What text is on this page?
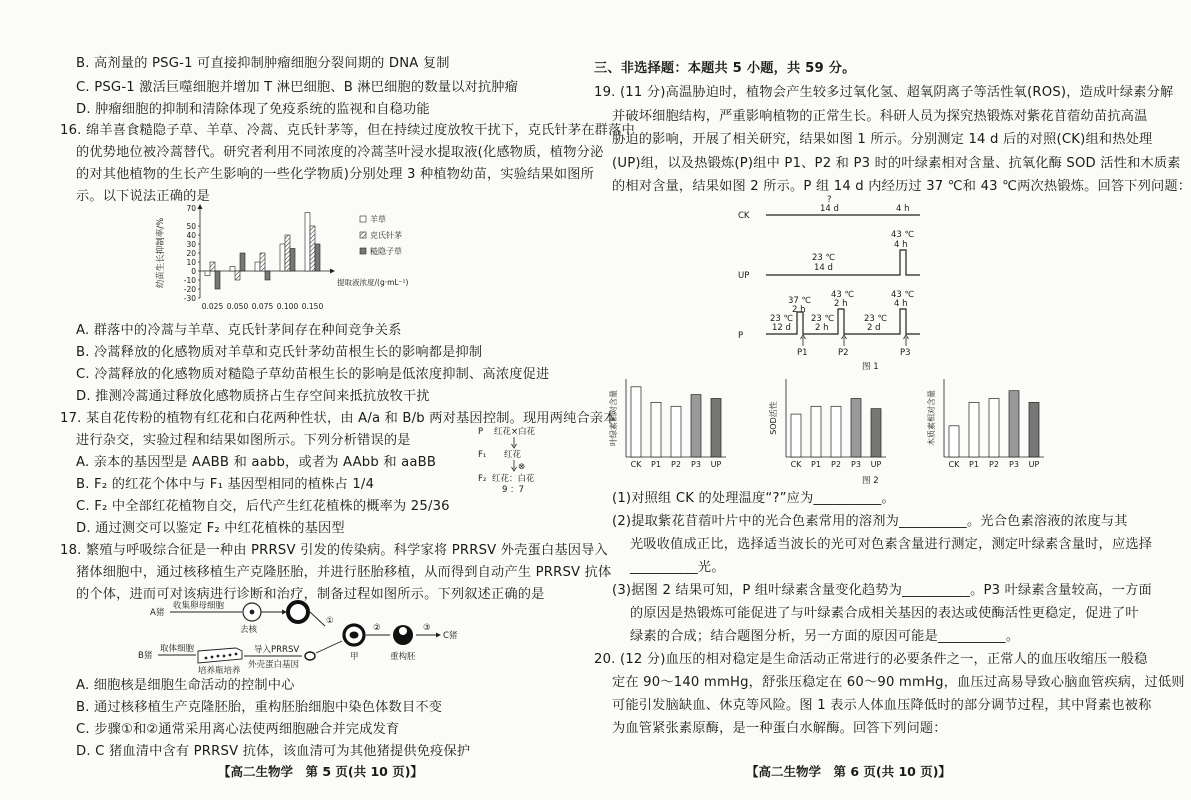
B. 高剂量的 PSG-1 可直接抑制肿瘤细胞分裂间期的 DNA 复制
C. PSG-1 激活巨噬细胞并增加 T 淋巴细胞、B 淋巴细胞的数量以对抗肿瘤
D. 肿瘤细胞的抑制和清除体现了免疫系统的监视和自稳功能
16. 绵羊喜食糙隐子草、羊草、冷蒿、克氏针茅等，但在持续过度放牧干扰下，克氏针茅在群落中
的优势地位被冷蒿替代。研究者利用不同浓度的冷蒿茎叶浸水提取液(化感物质，植物分泌
的对其他植物的生长产生影响的一些化学物质)分别处理 3 种植物幼苗，实验结果如图所
示。以下说法正确的是
幼苗生长抑制率/%
70
50
40
30
20
10
0
-10
-20
-30
0.025 0.050 0.075 0.100 0.150
提取液浓度/(g·mL⁻¹)
羊草
克氏针茅
糙隐子草
A. 群落中的冷蒿与羊草、克氏针茅间存在种间竞争关系
B. 冷蒿释放的化感物质对羊草和克氏针茅幼苗根生长的影响都是抑制
C. 冷蒿释放的化感物质对糙隐子草幼苗根生长的影响是低浓度抑制、高浓度促进
D. 推测冷蒿通过释放化感物质挤占生存空间来抵抗放牧干扰
17. 某自花传粉的植物有红花和白花两种性状，由 A/a 和 B/b 两对基因控制。现用两纯合亲本
进行杂交，实验过程和结果如图所示。下列分析错误的是
A. 亲本的基因型是 AABB 和 aabb，或者为 AAbb 和 aaBB
B. F₂ 的红花个体中与 F₁ 基因型相同的植株占 1/4
C. F₂ 中全部红花植物自交，后代产生红花植株的概率为 25/36
D. 通过测交可以鉴定 F₂ 中红花植株的基因型
P 红花×白花
F₁ 红花
⊗
F₂ 红花：白花
9 ：7
18. 繁殖与呼吸综合征是一种由 PRRSV 引发的传染病。科学家将 PRRSV 外壳蛋白基因导入
猪体细胞中，通过核移植生产克隆胚胎，并进行胚胎移植，从而得到自动产生 PRRSV 抗体
的个体，进而可对该病进行诊断和治疗，制备过程如图所示。下列叙述正确的是
A猪
收集卵母细胞
去核
①
甲
②
重构胚
③
C猪
B猪
取体细胞
培养瓶培养
导入PRRSV
外壳蛋白基因
A. 细胞核是细胞生命活动的控制中心
B. 通过核移植生产克隆胚胎，重构胚胎细胞中染色体数目不变
C. 步骤①和②通常采用离心法使两细胞融合并完成发育
D. C 猪血清中含有 PRRSV 抗体，该血清可为其他猪提供免疫保护
【高二生物学　第 5 页(共 10 页)】
三、非选择题：本题共 5 小题，共 59 分。
19. (11 分)高温胁迫时，植物会产生较多过氧化氢、超氧阴离子等活性氧(ROS)，造成叶绿素分解
并破坏细胞结构，严重影响植物的正常生长。科研人员为探究热锻炼对紫花苜蓿幼苗抗高温
胁迫的影响，开展了相关研究，结果如图 1 所示。分别测定 14 d 后的对照(CK)组和热处理
(UP)组，以及热锻炼(P)组中 P1、P2 和 P3 时的叶绿素相对含量、抗氧化酶 SOD 活性和木质素
的相对含量，结果如图 2 所示。P 组 14 d 内经历过 37 ℃和 43 ℃两次热锻炼。回答下列问题：
CK
?
14 d	4 h
UP
23 ℃
14 d
43 ℃
4 h
P
23 ℃
12 d
37 ℃
2 h
23 ℃
2 h
43 ℃
2 h
23 ℃
2 d
43 ℃
4 h
P1	P2	P3
图 1
叶绿素相对含量
CK P1 P2 P3 UP
SOD活性
CK P1 P2 P3 UP
木质素相对含量
CK P1 P2 P3 UP
图 2
(1)对照组 CK 的处理温度“?”应为__________。
(2)提取紫花苜蓿叶片中的光合色素常用的溶剂为__________。光合色素溶液的浓度与其
光吸收值成正比，选择适当波长的光可对色素含量进行测定，测定叶绿素含量时，应选择
__________光。
(3)据图 2 结果可知，P 组叶绿素含量变化趋势为__________。P3 叶绿素含量较高，一方面
的原因是热锻炼可能促进了与叶绿素合成相关基因的表达或使酶活性更稳定，促进了叶
绿素的合成；结合题图分析，另一方面的原因可能是__________。
20. (12 分)血压的相对稳定是生命活动正常进行的必要条件之一，正常人的血压收缩压一般稳
定在 90～140 mmHg，舒张压稳定在 60～90 mmHg，血压过高易导致心脑血管疾病，过低则
可能引发脑缺血、休克等风险。图 1 表示人体血压降低时的部分调节过程，其中肾素也被称
为血管紧张素原酶，是一种蛋白水解酶。回答下列问题：
【高二生物学　第 6 页(共 10 页)】
